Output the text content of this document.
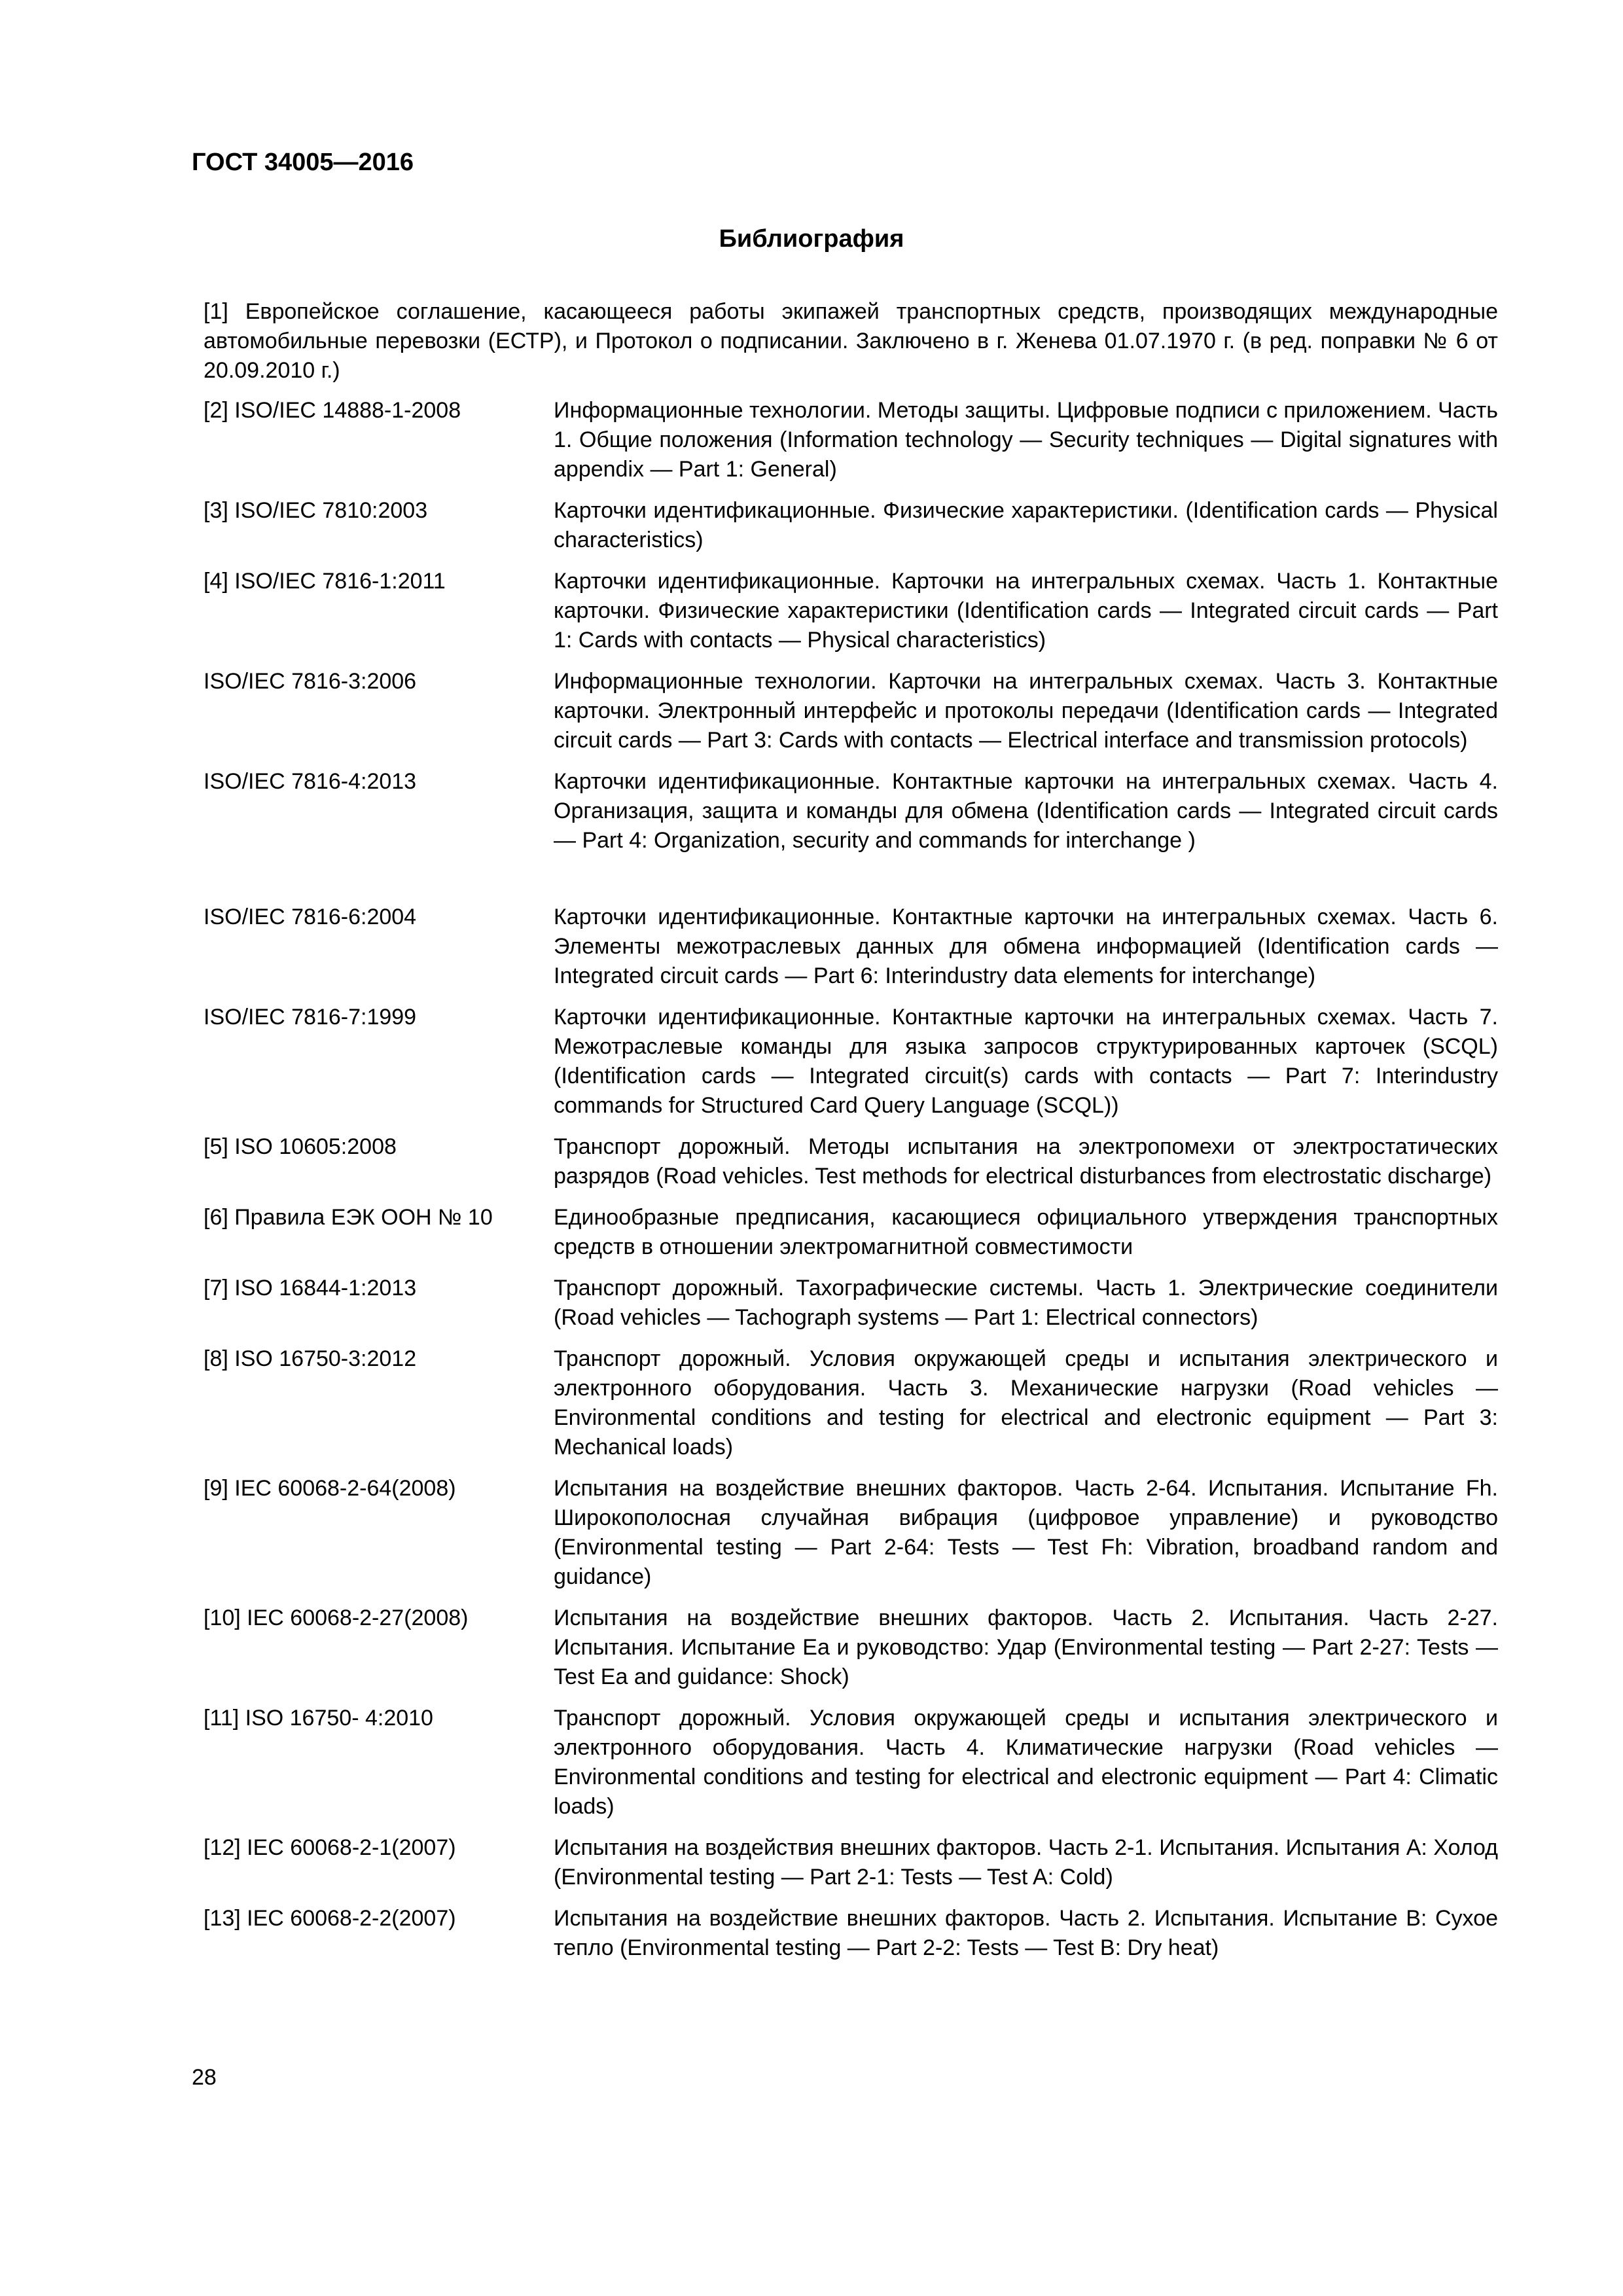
ГОСТ 34005—2016
Библиография
[1] Европейское соглашение, касающееся работы экипажей транспортных средств, производящих международные автомобильные перевозки (ЕСТР), и Протокол о подписании. Заключено в г. Женева 01.07.1970 г. (в ред. поправки № 6 от 20.09.2010 г.)
[2] ISO/IEC 14888-1-2008	Информационные технологии. Методы защиты. Цифровые подписи с приложением. Часть 1. Общие положения (Information technology — Security techniques — Digital signatures with appendix — Part 1: General)
[3] ISO/IEC 7810:2003	Карточки идентификационные. Физические характеристики. (Identification cards — Physical characteristics)
[4] ISO/IEC 7816-1:2011	Карточки идентификационные. Карточки на интегральных схемах. Часть 1. Контактные карточки. Физические характеристики (Identification cards — Integrated circuit cards — Part 1: Cards with contacts — Physical characteristics)
ISO/IEC 7816-3:2006	Информационные технологии. Карточки на интегральных схемах. Часть 3. Контактные карточки. Электронный интерфейс и протоколы передачи (Identification cards — Integrated circuit cards — Part 3: Cards with contacts — Electrical interface and transmission protocols)
ISO/IEC 7816-4:2013	Карточки идентификационные. Контактные карточки на интегральных схемах. Часть 4. Организация, защита и команды для обмена (Identification cards — Integrated circuit cards — Part 4: Organization, security and commands for interchange )
ISO/IEC 7816-6:2004	Карточки идентификационные. Контактные карточки на интегральных схемах. Часть 6. Элементы межотраслевых данных для обмена информацией (Identification cards — Integrated circuit cards — Part 6: Interindustry data elements for interchange)
ISO/IEC 7816-7:1999	Карточки идентификационные. Контактные карточки на интегральных схемах. Часть 7. Межотраслевые команды для языка запросов структурированных карточек (SCQL) (Identification cards — Integrated circuit(s) cards with contacts — Part 7: Interindustry commands for Structured Card Query Language (SCQL))
[5] ISO 10605:2008	Транспорт дорожный. Методы испытания на электропомехи от электростатических разрядов (Road vehicles. Test methods for electrical disturbances from electrostatic discharge)
[6] Правила ЕЭК ООН № 10	Единообразные предписания, касающиеся официального утверждения транспортных средств в отношении электромагнитной совместимости
[7] ISO 16844-1:2013	Транспорт дорожный. Тахографические системы. Часть 1. Электрические соединители (Road vehicles — Tachograph systems — Part 1: Electrical connectors)
[8] ISO 16750-3:2012	Транспорт дорожный. Условия окружающей среды и испытания электрического и электронного оборудования. Часть 3. Механические нагрузки (Road vehicles — Environmental conditions and testing for electrical and electronic equipment — Part 3: Mechanical loads)
[9] IEC 60068-2-64(2008)	Испытания на воздействие внешних факторов. Часть 2-64. Испытания. Испытание Fh. Широкополосная случайная вибрация (цифровое управление) и руководство (Environmental testing — Part 2-64: Tests — Test Fh: Vibration, broadband random and guidance)
[10] IEC 60068-2-27(2008)	Испытания на воздействие внешних факторов. Часть 2. Испытания. Часть 2-27. Испытания. Испытание Ea и руководство: Удар (Environmental testing — Part 2-27: Tests — Test Ea and guidance: Shock)
[11] ISO 16750- 4:2010	Транспорт дорожный. Условия окружающей среды и испытания электрического и электронного оборудования. Часть 4. Климатические нагрузки (Road vehicles — Environmental conditions and testing for electrical and electronic equipment — Part 4: Climatic loads)
[12] IEC 60068-2-1(2007)	Испытания на воздействия внешних факторов. Часть 2-1. Испытания. Испытания A: Холод (Environmental testing — Part 2-1: Tests — Test A: Cold)
[13] IEC 60068-2-2(2007)	Испытания на воздействие внешних факторов. Часть 2. Испытания. Испытание B: Сухое тепло (Environmental testing — Part 2-2: Tests — Test B: Dry heat)
28
